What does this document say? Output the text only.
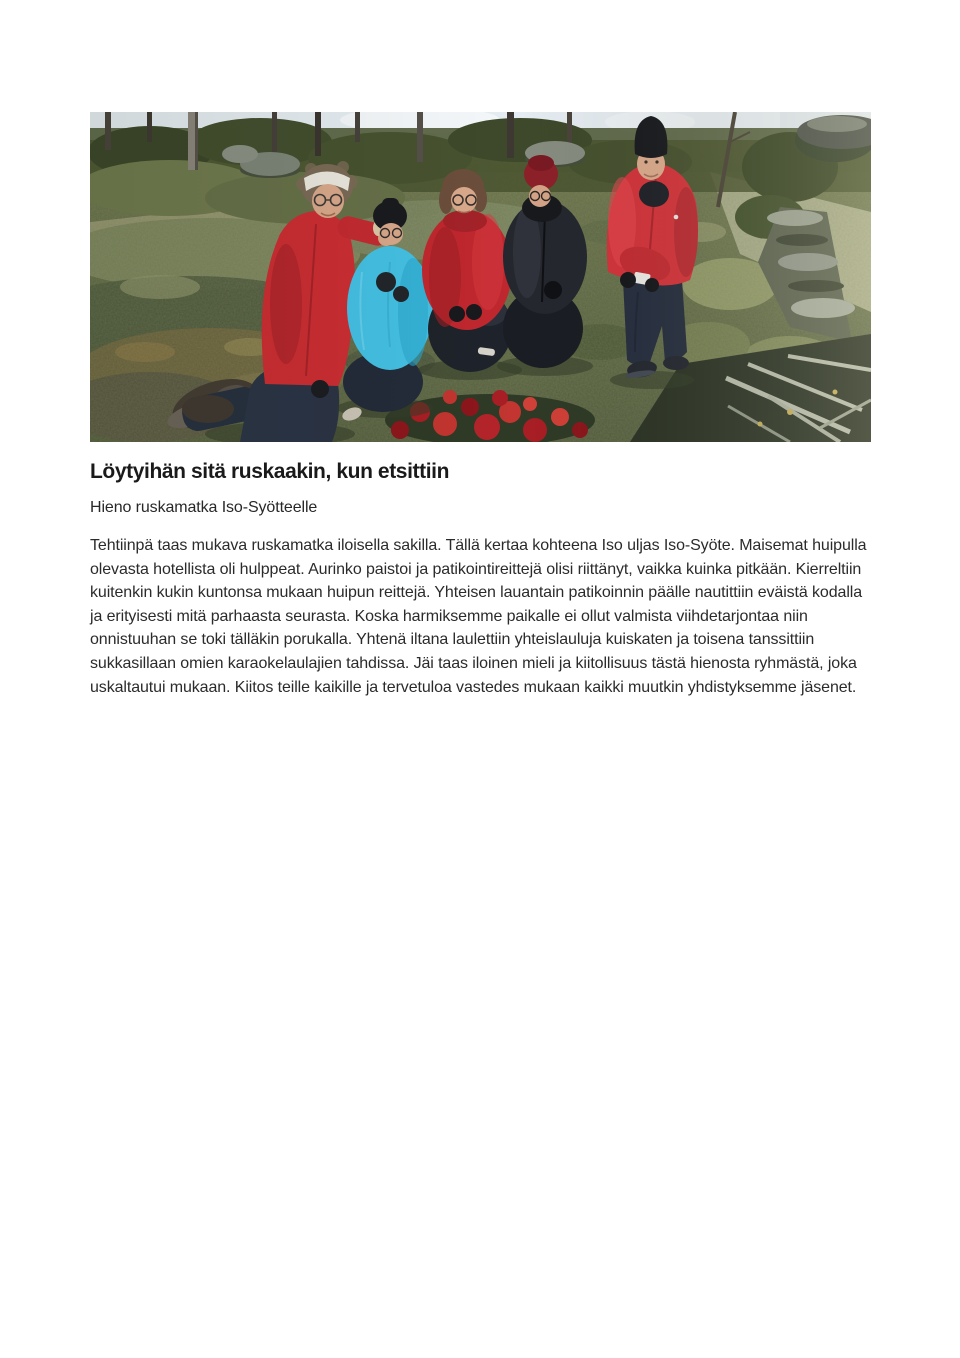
Löytyihän sitä ruskaakin, kun etsittiin

Hieno ruskamatka Iso-Syötteelle

Tehtiinpä taas mukava ruskamatka iloisella sakilla. Tällä kertaa kohteena Iso uljas Iso-Syöte. Maisemat huipulla olevasta hotellista oli hulppeat. Aurinko paistoi ja patikointireittejä olisi riittänyt, vaikka kuinka pitkään. Kierreltiin kuitenkin kukin kuntonsa mukaan huipun reittejä. Yhteisen lauantain patikoinnin päälle nautittiin eväistä kodalla ja erityisesti mitä parhaasta seurasta. Koska harmiksemme paikalle ei ollut valmista viihdetarjontaa niin onnistuuhan se toki tälläkin porukalla. Yhtenä iltana laulettiin yhteislauluja kuiskaten ja toisena tanssittiin sukkasillaan omien karaokelaulajien tahdissa. Jäi taas iloinen mieli ja kiitollisuus tästä hienosta ryhmästä, joka uskaltautui mukaan. Kiitos teille kaikille ja tervetuloa vastedes mukaan kaikki muutkin yhdistyksemme jäsenet.
